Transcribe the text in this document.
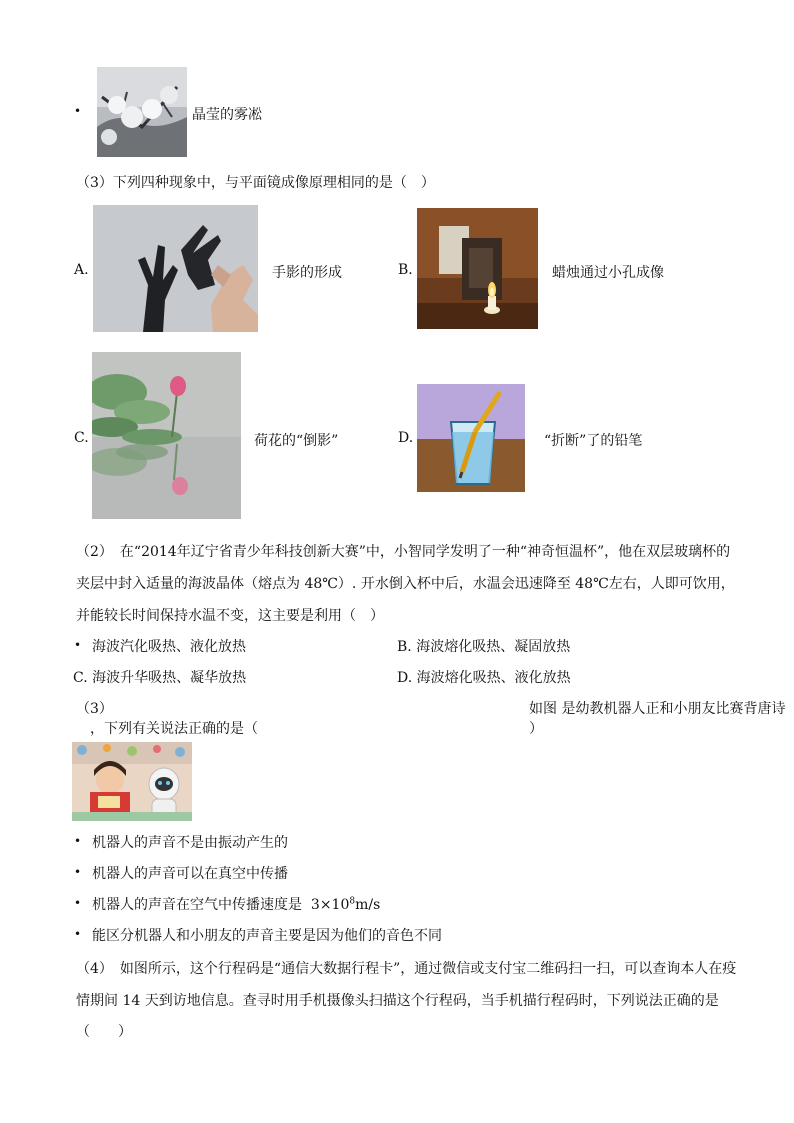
•	晶莹的雾凇
（3）下列四种现象中，与平面镜成像原理相同的是（　）
A.	手影的形成	B.	蜡烛通过小孔成像
C.	荷花的“倒影”	D.	“折断”了的铅笔
（2）　在“2014年辽宁省青少年科技创新大赛”中，小智同学发明了一种“神奇恒温杯”，他在双层玻璃杯的
夹层中封入适量的海波晶体（熔点为 48℃）. 开水倒入杯中后，水温会迅速降至 48℃左右，人即可饮用，
并能较长时间保持水温不变，这主要是利用（　）
• 海波汽化吸热、液化放热	B. 海波熔化吸热、凝固放热
C. 海波升华吸热、凝华放热	D. 海波熔化吸热、液化放热
（3）	如图 是幼教机器人正和小朋友比赛背唐诗
，下列有关说法正确的是（	）
• 机器人的声音不是由振动产生的
• 机器人的声音可以在真空中传播
• 机器人的声音在空气中传播速度是 $3\times 10^8m/s$
• 能区分机器人和小朋友的声音主要是因为他们的音色不同
（4）　如图所示，这个行程码是“通信大数据行程卡”，通过微信或支付宝二维码扫一扫，可以查询本人在疫
情期间 14 天到访地信息。查寻时用手机摄像头扫描这个行程码，当手机描行程码时，下列说法正确的是
（　　）
